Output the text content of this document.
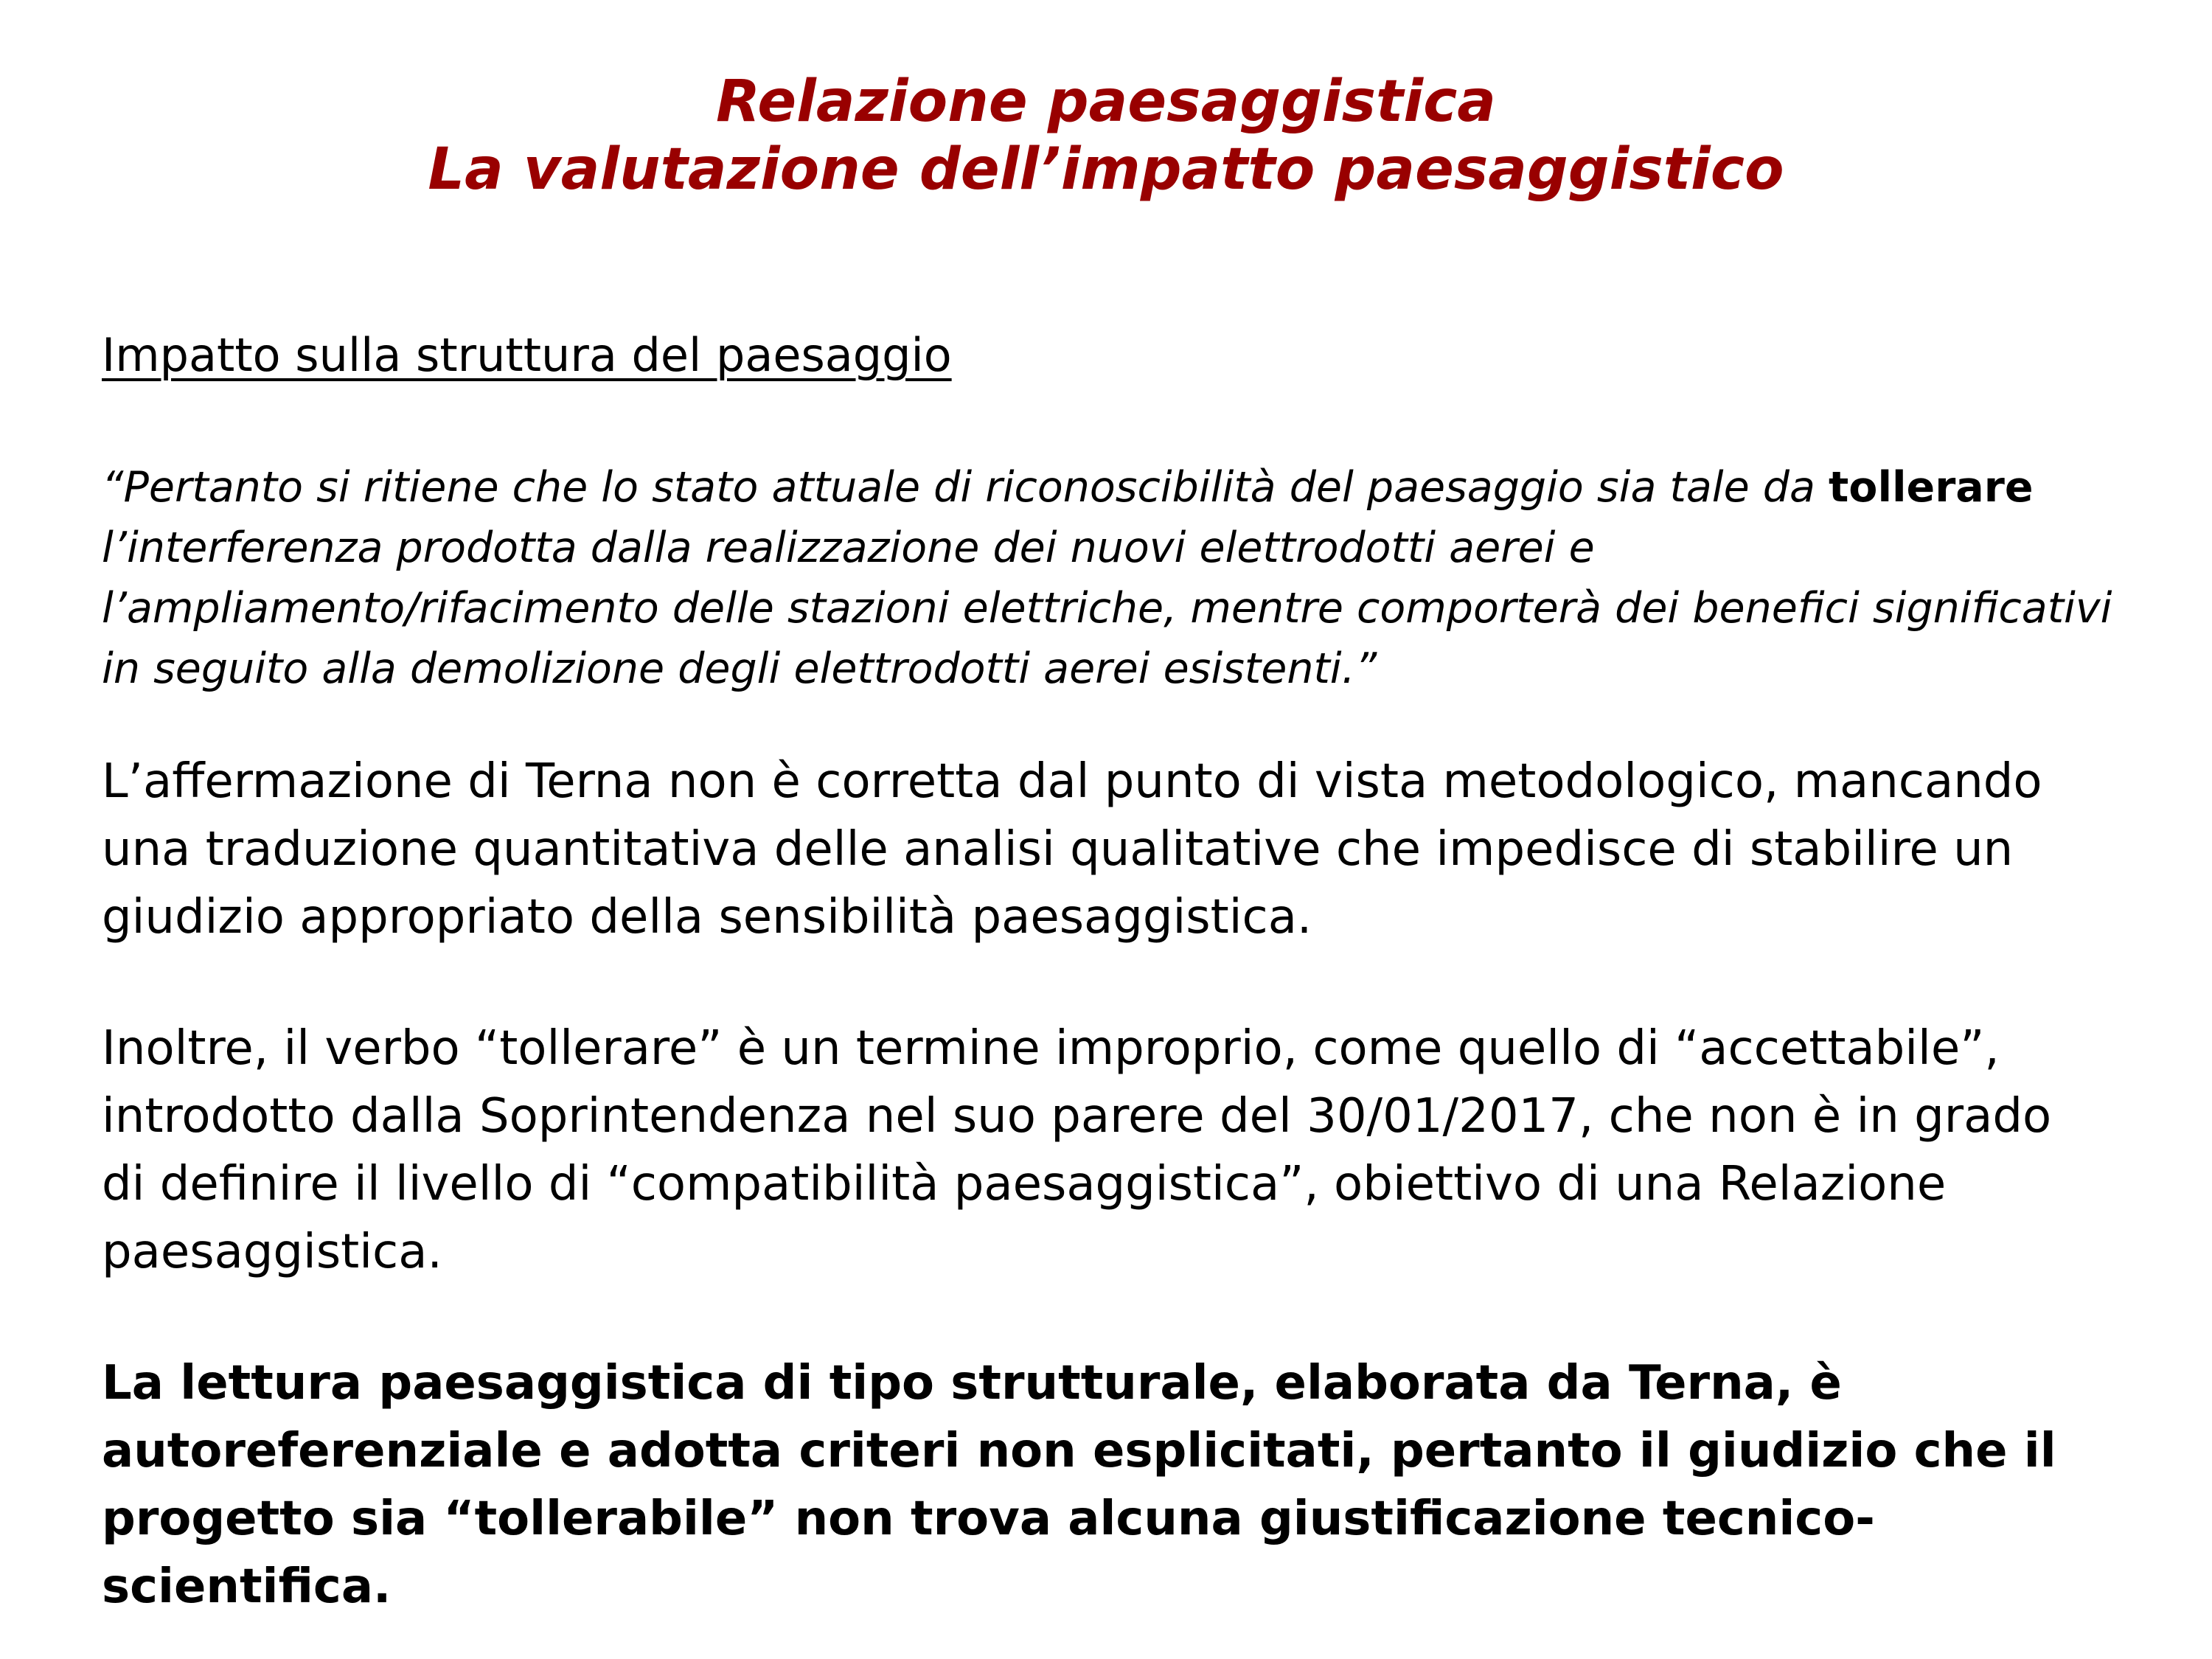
Relazione paesaggistica
La valutazione dell’impatto paesaggistico

Impatto sulla struttura del paesaggio

“Pertanto si ritiene che lo stato attuale di riconoscibilità del paesaggio sia tale da tollerare

l’interferenza prodotta dalla realizzazione dei nuovi elettrodotti aerei e

l’ampliamento/rifacimento delle stazioni elettriche, mentre comporterà dei benefici significativi

in seguito alla demolizione degli elettrodotti aerei esistenti.”

L’affermazione di Terna non è corretta dal punto di vista metodologico, mancando

una traduzione quantitativa delle analisi qualitative che impedisce di stabilire un

giudizio appropriato della sensibilità paesaggistica.

Inoltre, il verbo “tollerare” è un termine improprio, come quello di “accettabile”,

introdotto dalla Soprintendenza nel suo parere del 30/01/2017, che non è in grado

di definire il livello di “compatibilità paesaggistica”, obiettivo di una Relazione

paesaggistica.

La lettura paesaggistica di tipo strutturale, elaborata da Terna, è

autoreferenziale e adotta criteri non esplicitati, pertanto il giudizio che il

progetto sia “tollerabile” non trova alcuna giustificazione tecnico-

scientifica.
